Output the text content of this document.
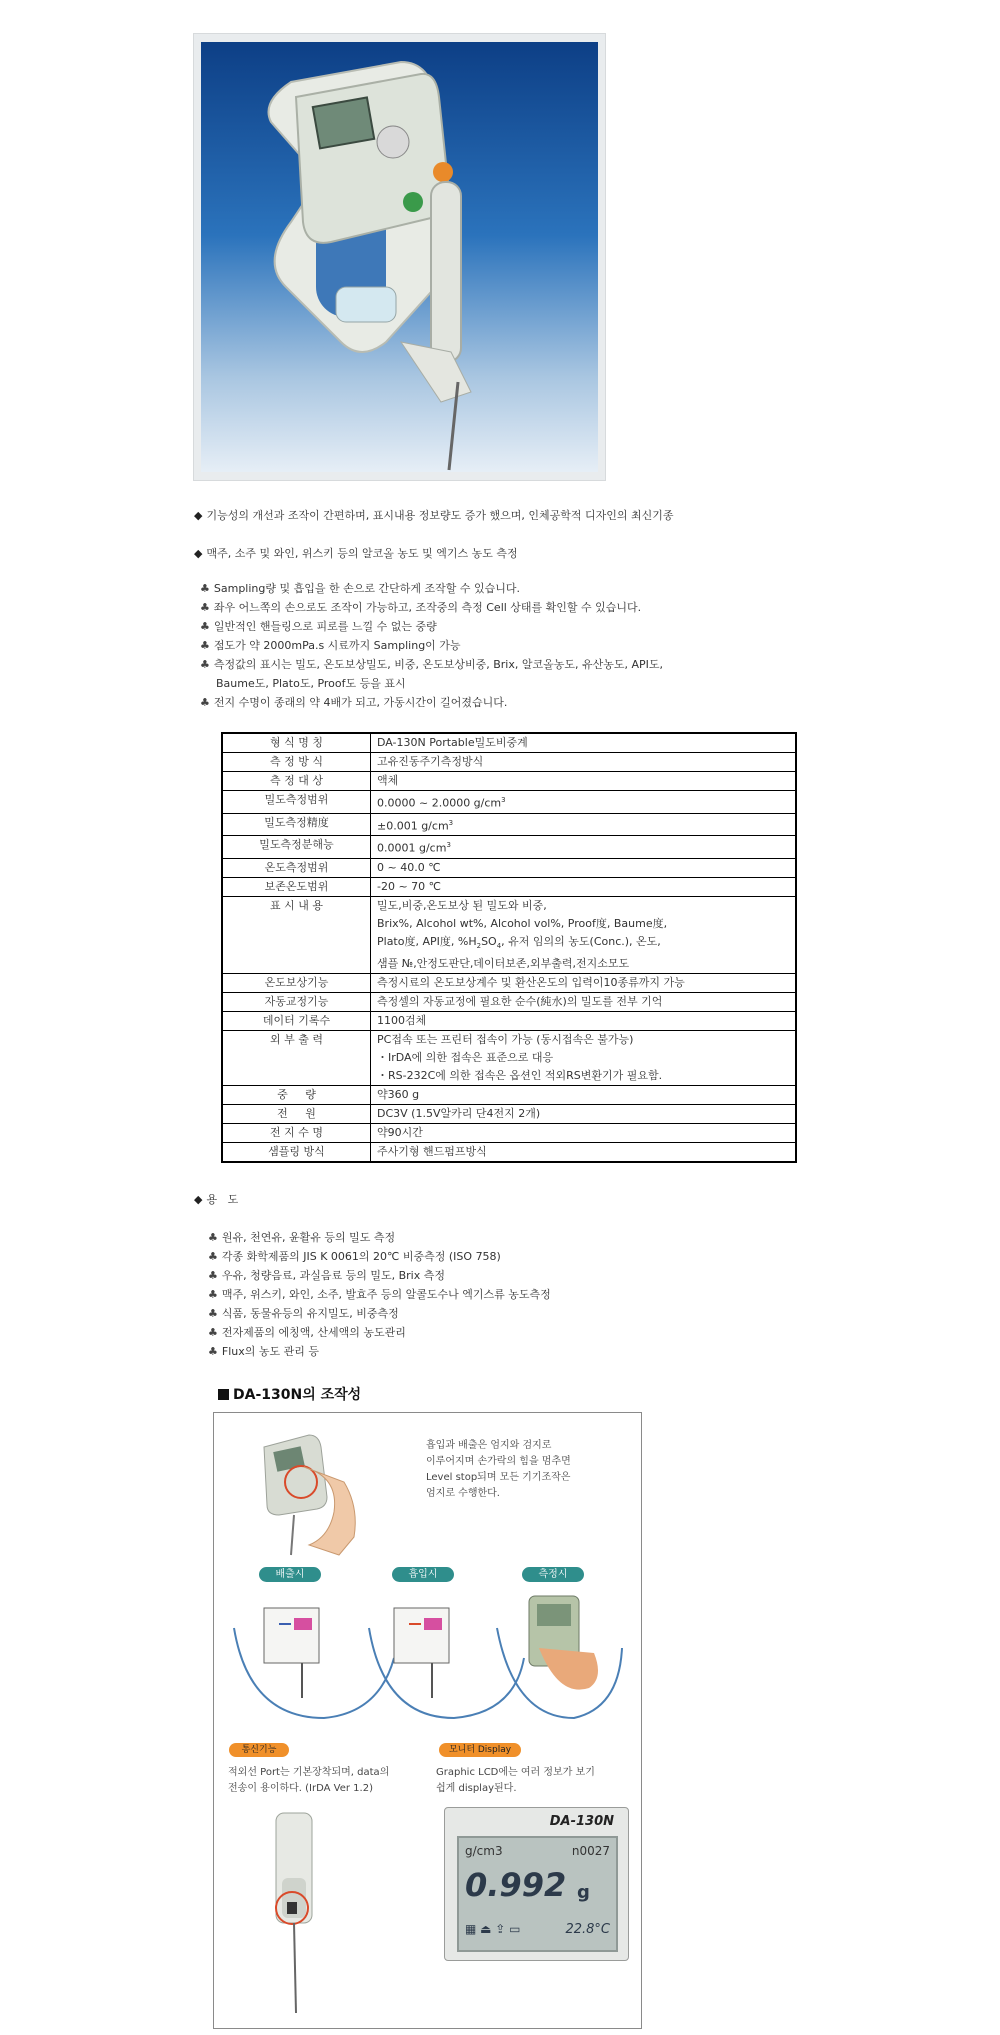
◆ 기능성의 개선과 조작이 간편하며, 표시내용 정보량도 증가 했으며, 인체공학적 디자인의 최신기종
◆ 맥주, 소주 및 와인, 위스키 등의 알코올 농도 및 엑기스 농도 측정
♣ Sampling량 및 흡입을 한 손으로 간단하게 조작할 수 있습니다.
♣ 좌우 어느쪽의 손으로도 조작이 가능하고, 조작중의 측정 Cell 상태를 확인할 수 있습니다.
♣ 일반적인 핸들링으로 피로를 느낄 수 없는 중량
♣ 점도가 약 2000mPa.s 시료까지 Sampling이 가능
♣ 측정값의 표시는 밀도, 온도보상밀도, 비중, 온도보상비중, Brix, 알코올농도, 유산농도, API도,
Baume도, Plato도, Proof도 등을 표시
♣ 전지 수명이 종래의 약 4배가 되고, 가동시간이 길어졌습니다.
형 식 명 칭	DA-130N Portable밀도비중계
측 정 방 식	고유진동주기측정방식
측 정 대 상	액체
밀도측정범위	0.0000 ~ 2.0000 $g/cm^3$
밀도측정精度	±0.001 $g/cm^3$
밀도측정분해능	0.0001 $g/cm^3$
온도측정범위	0 ~ 40.0 ℃
보존온도범위	-20 ~ 70 ℃
표 시 내 용	밀도,비중,온도보상 된 밀도와 비중,
Brix%, Alcohol wt%, Alcohol vol%, Proof度, Baume度,
Plato度, API度, $\%H_2SO_4$, 유저 임의의 농도(Conc.), 온도,
샘플 №,안정도판단,데이터보존,외부출력,전지소모도

온도보상기능	측정시료의 온도보상계수 및 환산온도의 입력이10종류까지 가능
자동교정기능	측정셀의 자동교정에 필요한 순수(純水)의 밀도를 전부 기억
데이터 기록수	1100검체
외 부 출 력	PC접속 또는 프린터 접속이 가능 (동시접속은 불가능)
・IrDA에 의한 접속은 표준으로 대응
・RS-232C에 의한 접속은 옵션인 적외RS변환기가 필요함.

중     량	약360 g
전     원	DC3V (1.5V알카리 단4전지 2개)
전 지 수 명	약90시간
샘플링 방식	주사기형 핸드펌프방식
◆ 용   도
♣ 원유, 천연유, 윤활유 등의 밀도 측정
♣ 각종 화학제품의 JIS K 0061의 20℃ 비중측정 (ISO 758)
♣ 우유, 청량음료, 과실음료 등의 밀도, Brix 측정
♣ 맥주, 위스키, 와인, 소주, 발효주 등의 알콜도수나 엑기스류 농도측정
♣ 식품, 동물유등의 유지밀도, 비중측정
♣ 전자제품의 에칭액, 산세액의 농도관리
♣ Flux의 농도 관리 등
DA-130N의 조작성
흡입과 배출은 엄지와 검지로
이루어지며 손가락의 힘을 멈추면
Level stop되며 모든 기기조작은
엄지로 수행한다.
배출시	흡입시	측정시
통신기능	모니터 Display
적외선 Port는 기본장착되며, data의
전송이 용이하다. (IrDA Ver 1.2)
Graphic LCD에는 여러 정보가 보기
쉽게 display된다.
DA-130N
g/cm3	n0027
0.992 g
▦ ⏏ ⇪ ▭	22.8°C
